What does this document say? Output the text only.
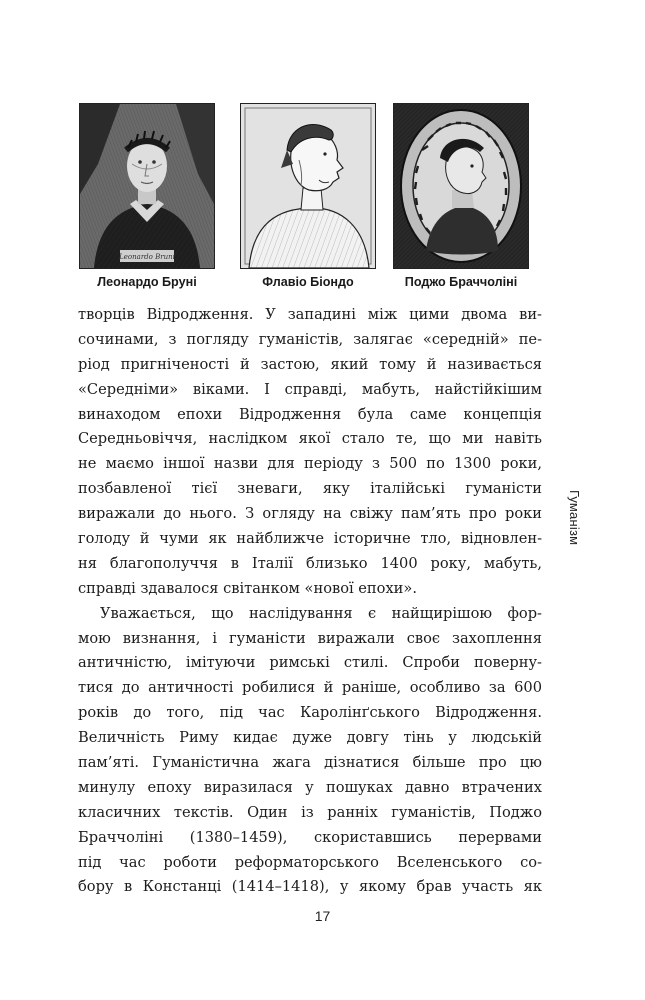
Leonardo Bruni
Леонардо Бруні	Флавіо Біондо	Поджо Браччоліні
творців Відродження. У западині між цими двома ви-
сочинами, з погляду гуманістів, залягає «середній» пе-
ріод пригніченості й застою, який тому й називається
«Середніми» віками. І справді, мабуть, найстійкішим
винаходом епохи Відродження була саме концепція
Середньовіччя, наслідком якої стало те, що ми навіть
не маємо іншої назви для періоду з 500 по 1300 роки,
позбавленої тієї зневаги, яку італійські гуманісти
виражали до нього. З огляду на свіжу пам’ять про роки
голоду й чуми як найближче історичне тло, відновлен-
ня благополуччя в Італії близько 1400 року, мабуть,
справді здавалося світанком «нової епохи».
Уважається, що наслідування є найщирішою фор-
мою визнання, і гуманісти виражали своє захоплення
античністю, імітуючи римські стилі. Спроби поверну-
тися до античності робилися й раніше, особливо за 600
років до того, під час Каролінґського Відродження.
Величність Риму кидає дуже довгу тінь у людській
пам’яті. Гуманістична жага дізнатися більше про цю
минулу епоху виразилася у пошуках давно втрачених
класичних текстів. Один із ранніх гуманістів, Поджо
Браччоліні (1380–1459), скориставшись перервами
під час роботи реформаторського Вселенського со-
бору в Констанці (1414–1418), у якому брав участь як
Гуманізм
17
